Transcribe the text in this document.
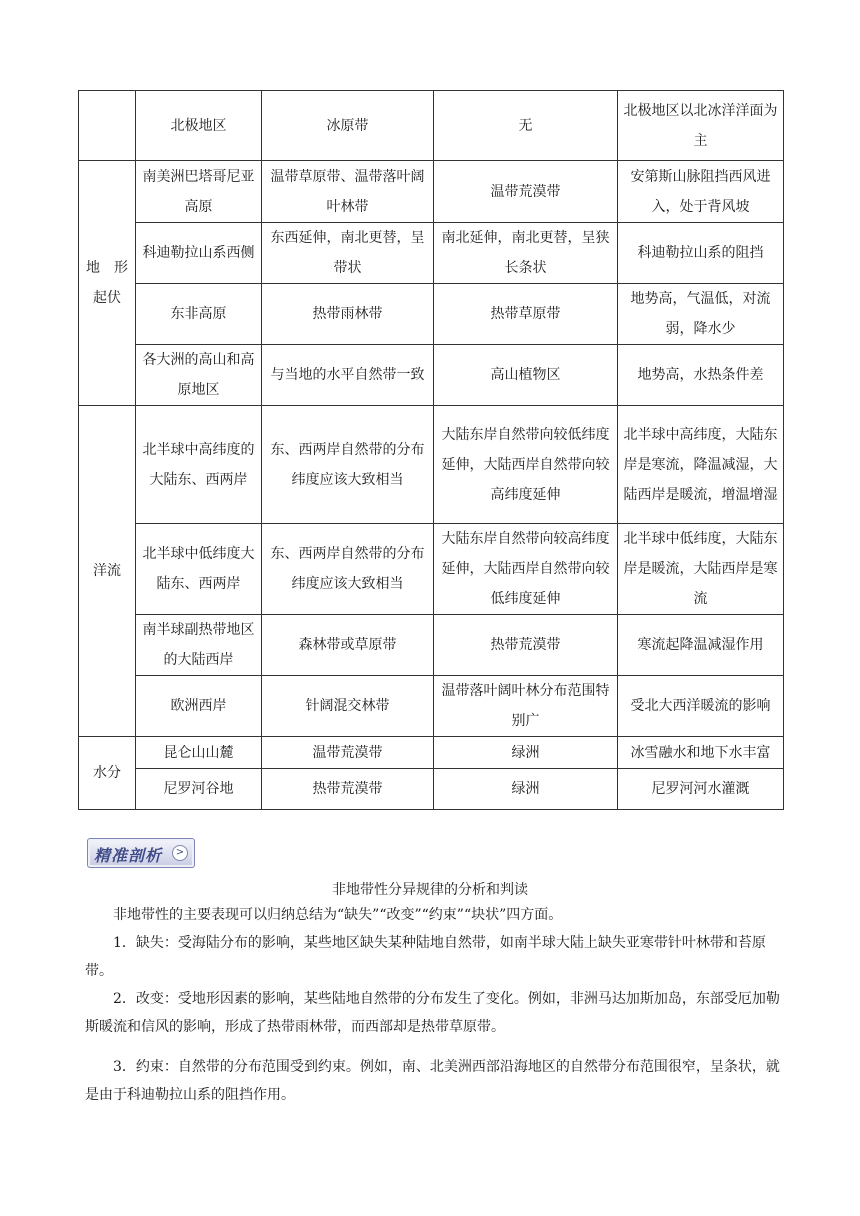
	北极地区	冰原带	无	北极地区以北冰洋洋面为主
地　形　起伏	南美洲巴塔哥尼亚高原	温带草原带、温带落叶阔叶林带	温带荒漠带	安第斯山脉阻挡西风进入，处于背风坡
	科迪勒拉山系西侧	东西延伸，南北更替，呈带状	南北延伸，南北更替，呈狭长条状	科迪勒拉山系的阻挡
	东非高原	热带雨林带	热带草原带	地势高，气温低，对流弱，降水少
	各大洲的高山和高原地区	与当地的水平自然带一致	高山植物区	地势高，水热条件差
洋流	北半球中高纬度的大陆东、西两岸	东、西两岸自然带的分布纬度应该大致相当	大陆东岸自然带向较低纬度延伸，大陆西岸自然带向较高纬度延伸	北半球中高纬度，大陆东岸是寒流，降温减湿，大陆西岸是暖流，增温增湿
	北半球中低纬度大陆东、西两岸	东、西两岸自然带的分布纬度应该大致相当	大陆东岸自然带向较高纬度延伸，大陆西岸自然带向较低纬度延伸	北半球中低纬度，大陆东岸是暖流，大陆西岸是寒流
	南半球副热带地区的大陆西岸	森林带或草原带	热带荒漠带	寒流起降温减湿作用
	欧洲西岸	针阔混交林带	温带落叶阔叶林分布范围特别广	受北大西洋暖流的影响
水分	昆仑山山麓	温带荒漠带	绿洲	冰雪融水和地下水丰富
	尼罗河谷地	热带荒漠带	绿洲	尼罗河河水灌溉
精准剖析	>
非地带性分异规律的分析和判读

非地带性的主要表现可以归纳总结为“缺失”“改变”“约束”“块状”四方面。

1．缺失：受海陆分布的影响，某些地区缺失某种陆地自然带，如南半球大陆上缺失亚寒带针叶林带和苔原带。

2．改变：受地形因素的影响，某些陆地自然带的分布发生了变化。例如，非洲马达加斯加岛，东部受厄加勒斯暖流和信风的影响，形成了热带雨林带，而西部却是热带草原带。

3．约束：自然带的分布范围受到约束。例如，南、北美洲西部沿海地区的自然带分布范围很窄，呈条状，就是由于科迪勒拉山系的阻挡作用。
